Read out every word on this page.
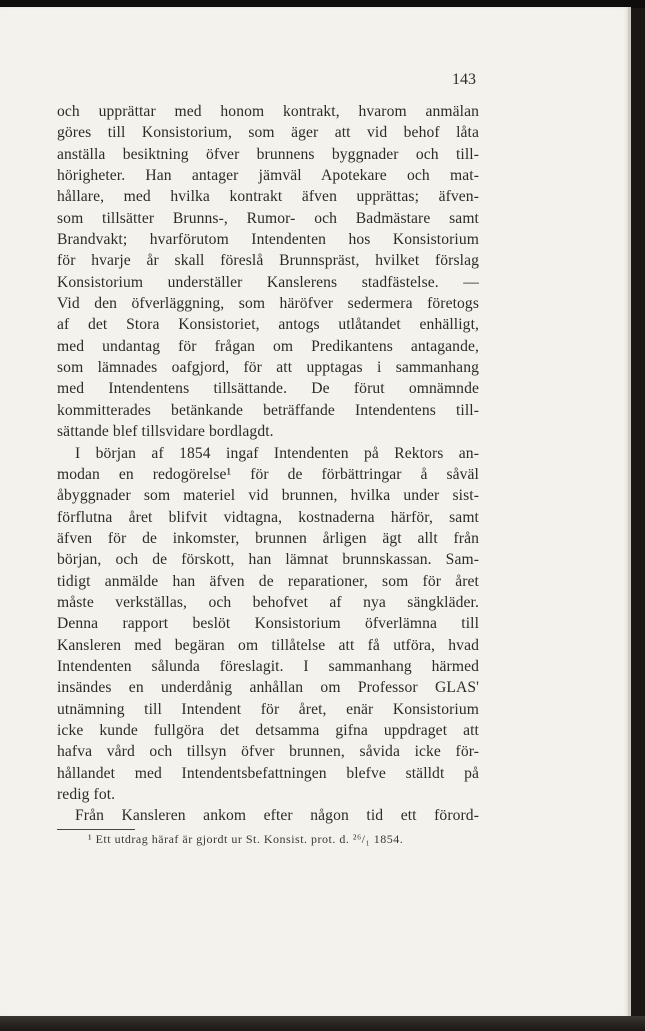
143
och upprättar med honom kontrakt, hvarom anmälan
göres till Konsistorium, som äger att vid behof låta
anställa besiktning öfver brunnens byggnader och till-
hörigheter. Han antager jämväl Apotekare och mat-
hållare, med hvilka kontrakt äfven upprättas; äfven-
som tillsätter Brunns-, Rumor- och Badmästare samt
Brandvakt; hvarförutom Intendenten hos Konsistorium
för hvarje år skall föreslå Brunnspräst, hvilket förslag
Konsistorium underställer Kanslerens stadfästelse. —
Vid den öfverläggning, som häröfver sedermera företogs
af det Stora Konsistoriet, antogs utlåtandet enhälligt,
med undantag för frågan om Predikantens antagande,
som lämnades oafgjord, för att upptagas i sammanhang
med Intendentens tillsättande. De förut omnämnde
kommitterades betänkande beträffande Intendentens till-
sättande blef tillsvidare bordlagdt.
I början af 1854 ingaf Intendenten på Rektors an-
modan en redogörelse¹ för de förbättringar å såväl
åbyggnader som materiel vid brunnen, hvilka under sist-
förflutna året blifvit vidtagna, kostnaderna härför, samt
äfven för de inkomster, brunnen årligen ägt allt från
början, och de förskott, han lämnat brunnskassan. Sam-
tidigt anmälde han äfven de reparationer, som för året
måste verkställas, och behofvet af nya sängkläder.
Denna rapport beslöt Konsistorium öfverlämna till
Kansleren med begäran om tillåtelse att få utföra, hvad
Intendenten sålunda föreslagit. I sammanhang härmed
insändes en underdånig anhållan om Professor GLAS'
utnämning till Intendent för året, enär Konsistorium
icke kunde fullgöra det detsamma gifna uppdraget att
hafva vård och tillsyn öfver brunnen, såvida icke för-
hållandet med Intendentsbefattningen blefve ställdt på
redig fot.
Från Kansleren ankom efter någon tid ett förord-
¹ Ett utdrag häraf är gjordt ur St. Konsist. prot. d. ²⁶/₁ 1854.
